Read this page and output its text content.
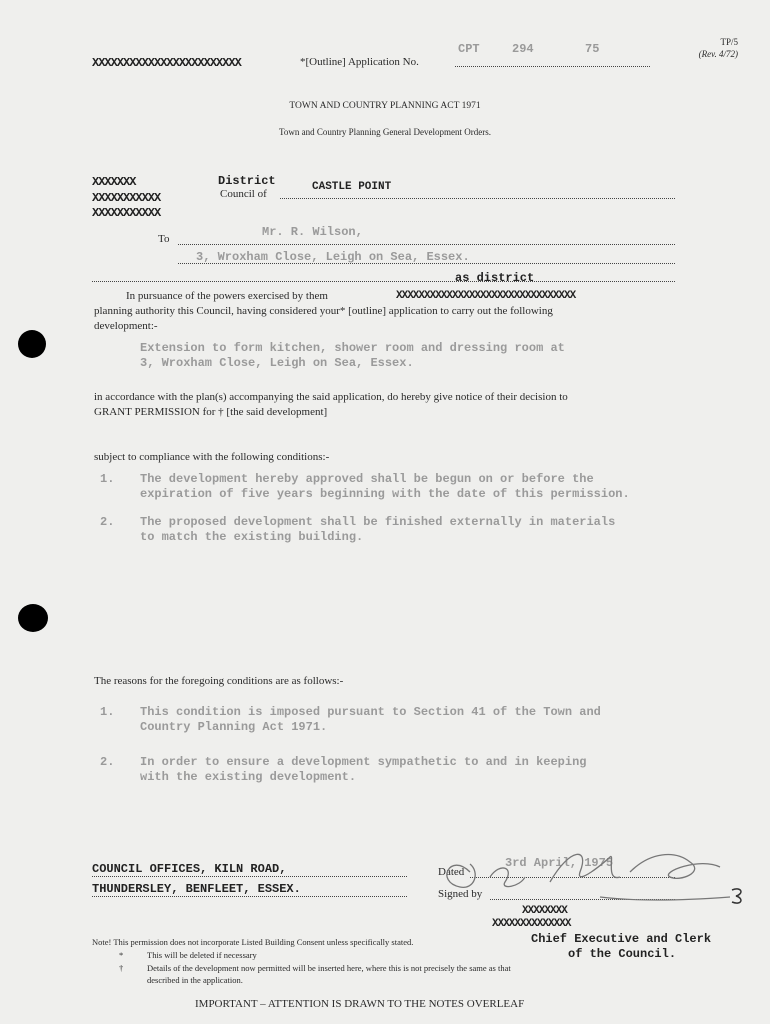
TP/5
(Rev. 4/72)
XXXXXXXXXXXXXXXXXXXXXXXX	*[Outline] Application No.
CPT	294	75
TOWN AND COUNTRY PLANNING ACT 1971
Town and Country Planning General Development Orders.
XXXXXXX
XXXXXXXXXXX
XXXXXXXXXXX
District
Council of
CASTLE POINT
To	Mr. R. Wilson,
3, Wroxham Close, Leigh on Sea, Essex.
as district
In pursuance of the powers exercised by them	XXXXXXXXXXXXXXXXXXXXXXXXXXXXXXXX
planning authority this Council, having considered your* [outline] application to carry out the following
development:-
Extension to form kitchen, shower room and dressing room at
3, Wroxham Close, Leigh on Sea, Essex.
in accordance with the plan(s) accompanying the said application, do hereby give notice of their decision to
GRANT PERMISSION for † [the said development]
subject to compliance with the following conditions:-
1. The development hereby approved shall be begun on or before the
expiration of five years beginning with the date of this permission.
2. The proposed development shall be finished externally in materials
to match the existing building.
The reasons for the foregoing conditions are as follows:-
1. This condition is imposed pursuant to Section 41 of the Town and
Country Planning Act 1971.
2. In order to ensure a development sympathetic to and in keeping
with the existing development.
COUNCIL OFFICES, KILN ROAD,
THUNDERSLEY, BENFLEET, ESSEX.
Dated
3rd April, 1975
Signed by
XXXXXXXX
XXXXXXXXXXXXXX
Chief Executive and Clerk
of the Council.
Note! This permission does not incorporate Listed Building Consent unless specifically stated.
*	This will be deleted if necessary
†	Details of the development now permitted will be inserted here, where this is not precisely the same as that
described in the application.
IMPORTANT – ATTENTION IS DRAWN TO THE NOTES OVERLEAF
